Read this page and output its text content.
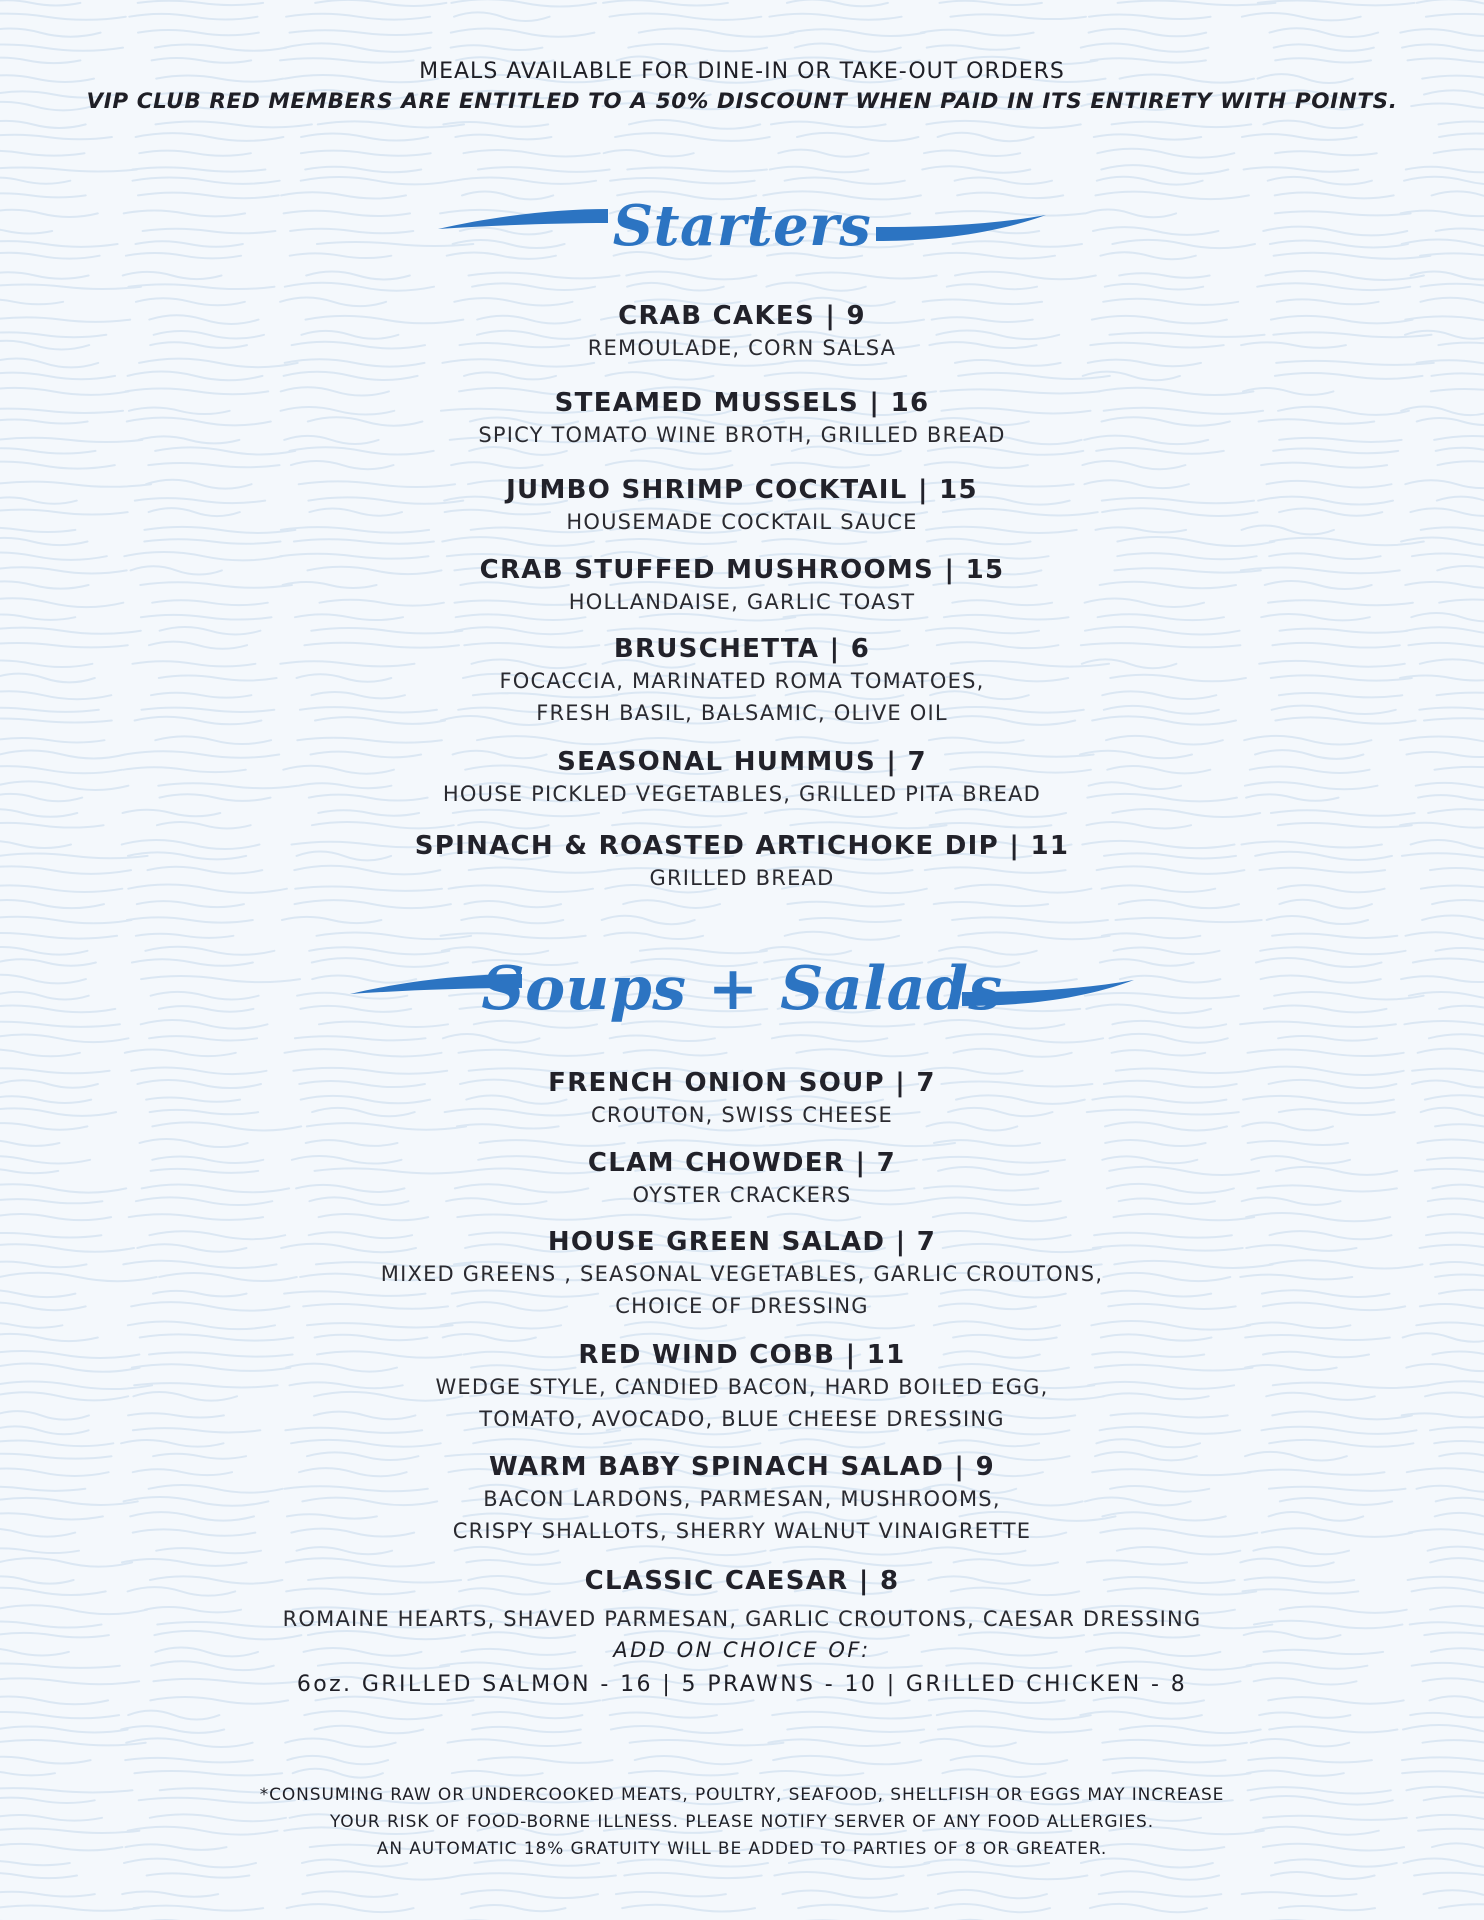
MEALS AVAILABLE FOR DINE-IN OR TAKE-OUT ORDERS
VIP CLUB RED MEMBERS ARE ENTITLED TO A 50% DISCOUNT WHEN PAID IN ITS ENTIRETY WITH POINTS.
Starters
CRAB CAKES | 9
REMOULADE, CORN SALSA
STEAMED MUSSELS | 16
SPICY TOMATO WINE BROTH, GRILLED BREAD
JUMBO SHRIMP COCKTAIL | 15
HOUSEMADE COCKTAIL SAUCE
CRAB STUFFED MUSHROOMS | 15
HOLLANDAISE, GARLIC TOAST
BRUSCHETTA | 6
FOCACCIA, MARINATED ROMA TOMATOES,
FRESH BASIL, BALSAMIC, OLIVE OIL
SEASONAL HUMMUS | 7
HOUSE PICKLED VEGETABLES, GRILLED PITA BREAD
SPINACH & ROASTED ARTICHOKE DIP | 11
GRILLED BREAD
Soups + Salads
FRENCH ONION SOUP | 7
CROUTON, SWISS CHEESE
CLAM CHOWDER | 7
OYSTER CRACKERS
HOUSE GREEN SALAD | 7
MIXED GREENS , SEASONAL VEGETABLES, GARLIC CROUTONS,
CHOICE OF DRESSING
RED WIND COBB | 11
WEDGE STYLE, CANDIED BACON, HARD BOILED EGG,
TOMATO, AVOCADO, BLUE CHEESE DRESSING
WARM BABY SPINACH SALAD | 9
BACON LARDONS, PARMESAN, MUSHROOMS,
CRISPY SHALLOTS, SHERRY WALNUT VINAIGRETTE
CLASSIC CAESAR | 8
ROMAINE HEARTS, SHAVED PARMESAN, GARLIC CROUTONS, CAESAR DRESSING
ADD ON CHOICE OF:
6oz. GRILLED SALMON - 16 | 5 PRAWNS - 10 | GRILLED CHICKEN - 8
*CONSUMING RAW OR UNDERCOOKED MEATS, POULTRY, SEAFOOD, SHELLFISH OR EGGS MAY INCREASE
YOUR RISK OF FOOD-BORNE ILLNESS. PLEASE NOTIFY SERVER OF ANY FOOD ALLERGIES.
AN AUTOMATIC 18% GRATUITY WILL BE ADDED TO PARTIES OF 8 OR GREATER.
